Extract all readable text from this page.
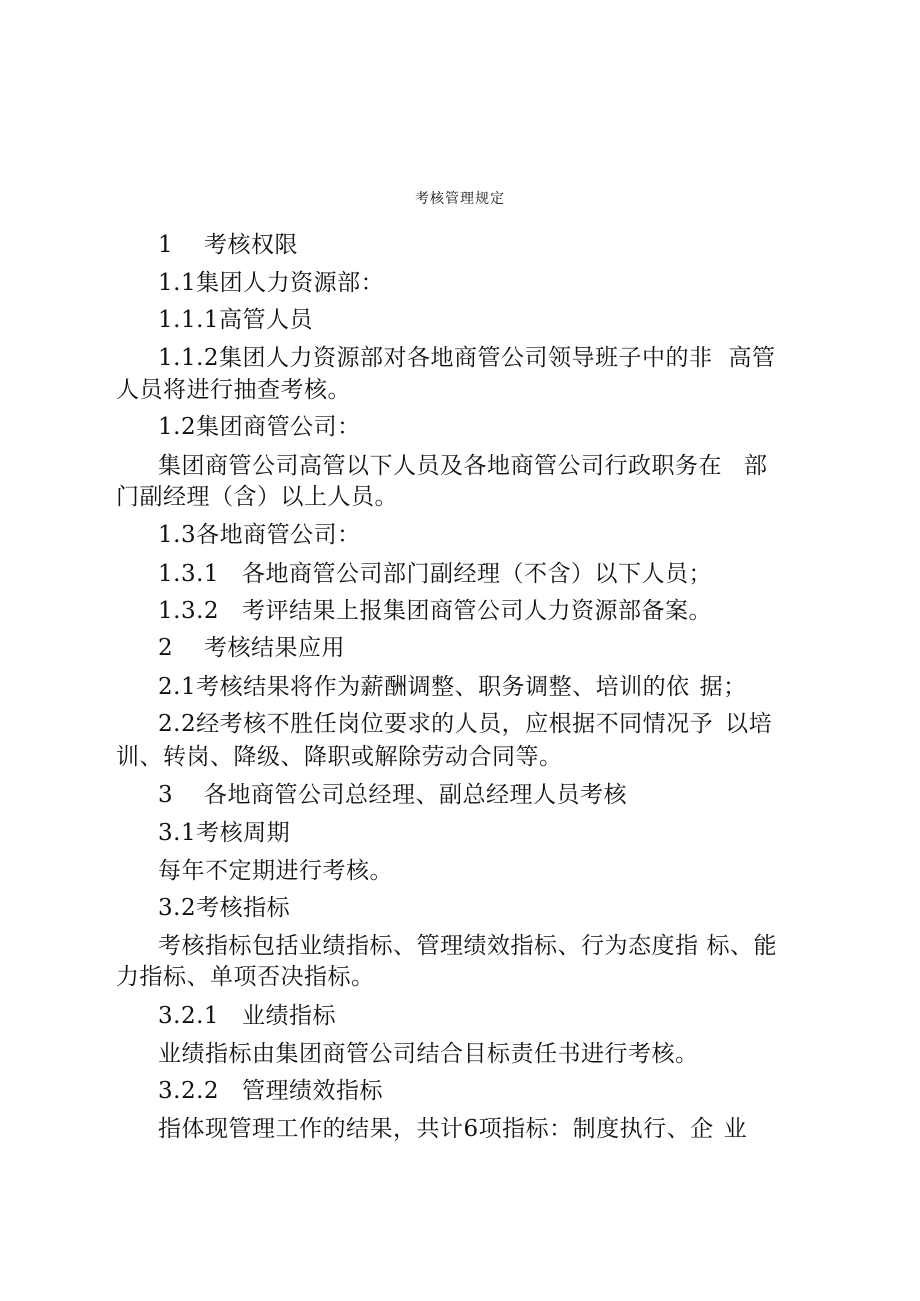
考核管理规定
1 考核权限
1.1集团人力资源部：
1.1.1高管人员
1.1.2集团人力资源部对各地商管公司领导班子中的非 高管
人员将进行抽查考核。
1.2集团商管公司：
集团商管公司高管以下人员及各地商管公司行政职务在 部
门副经理（含）以上人员。
1.3各地商管公司：
1.3.1 各地商管公司部门副经理（不含）以下人员；
1.3.2 考评结果上报集团商管公司人力资源部备案。
2 考核结果应用
2.1考核结果将作为薪酬调整、职务调整、培训的依 据；
2.2经考核不胜任岗位要求的人员，应根据不同情况予 以培
训、转岗、降级、降职或解除劳动合同等。
3 各地商管公司总经理、副总经理人员考核
3.1考核周期
每年不定期进行考核。
3.2考核指标
考核指标包括业绩指标、管理绩效指标、行为态度指 标、能
力指标、单项否决指标。
3.2.1 业绩指标
业绩指标由集团商管公司结合目标责任书进行考核。
3.2.2 管理绩效指标
指体现管理工作的结果，共计6项指标：制度执行、企 业
